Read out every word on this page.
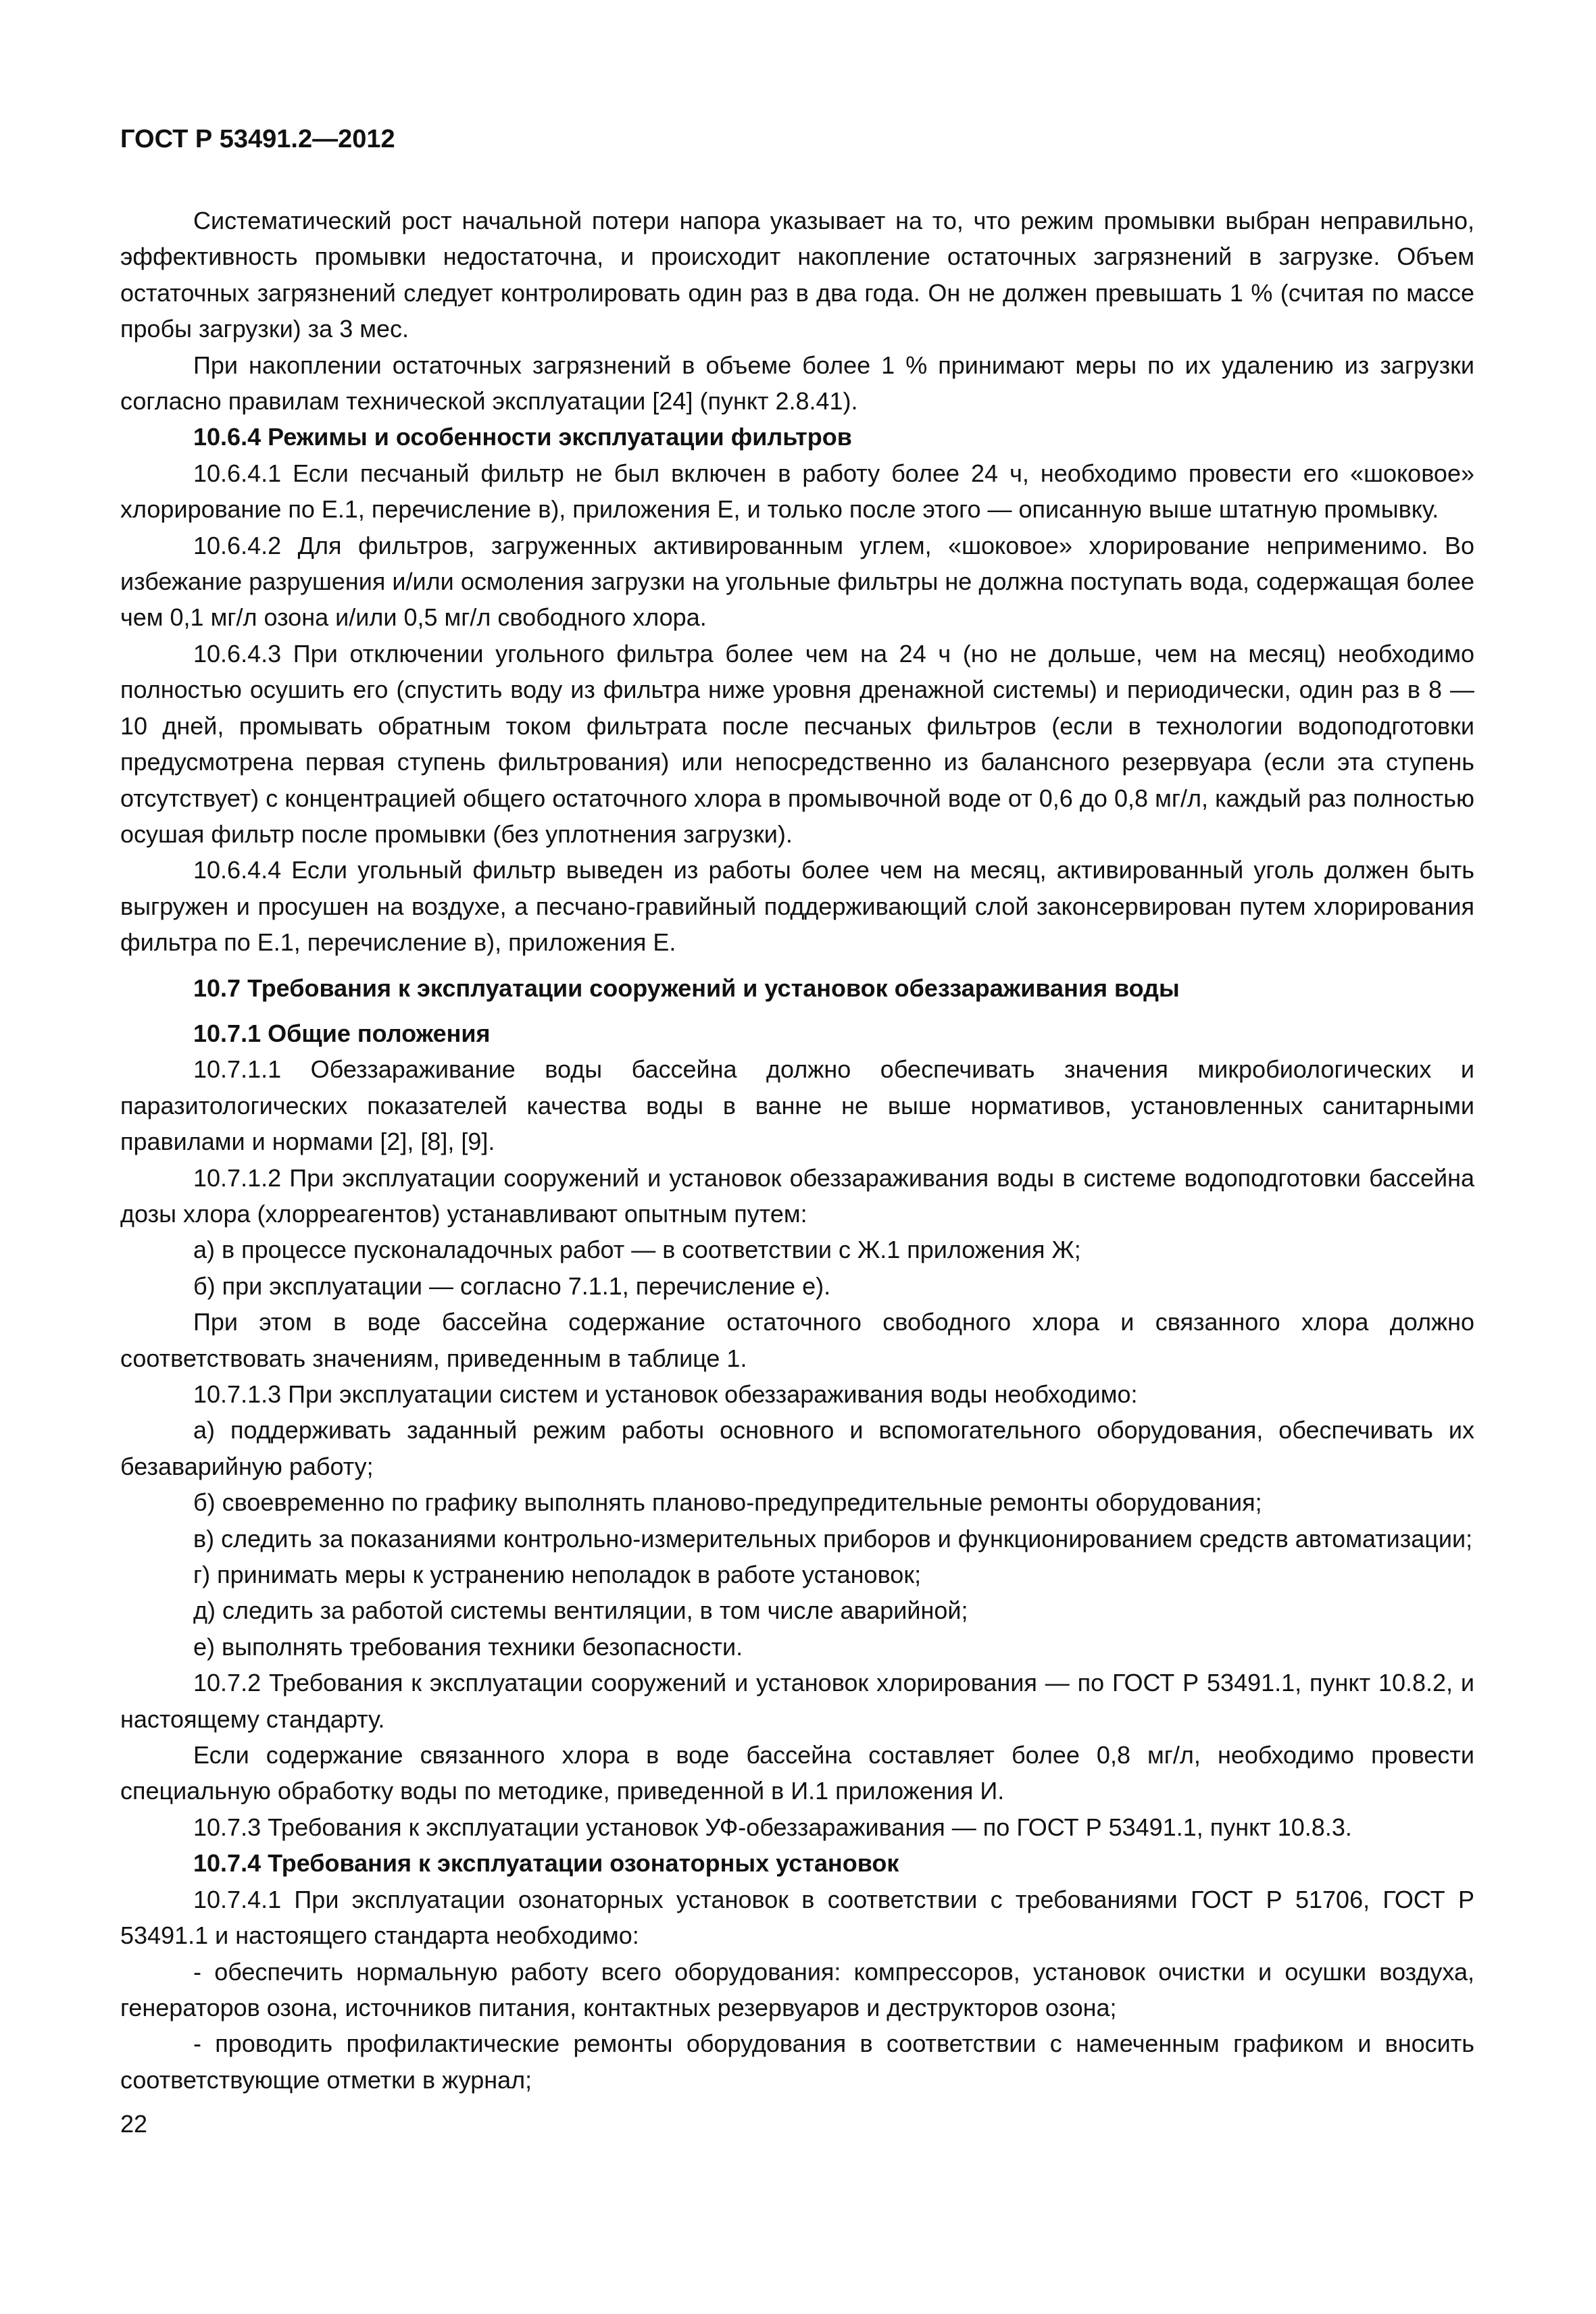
ГОСТ Р 53491.2—2012

Систематический рост начальной потери напора указывает на то, что режим промывки выбран неправильно, эффективность промывки недостаточна, и происходит накопление остаточных загрязнений в загрузке. Объем остаточных загрязнений следует контролировать один раз в два года. Он не должен превышать 1 % (считая по массе пробы загрузки) за 3 мес.

При накоплении остаточных загрязнений в объеме более 1 % принимают меры по их удалению из загрузки согласно правилам технической эксплуатации [24] (пункт 2.8.41).

10.6.4 Режимы и особенности эксплуатации фильтров

10.6.4.1 Если песчаный фильтр не был включен в работу более 24 ч, необходимо провести его «шоковое» хлорирование по Е.1, перечисление в), приложения Е, и только после этого — описанную выше штатную промывку.

10.6.4.2 Для фильтров, загруженных активированным углем, «шоковое» хлорирование неприменимо. Во избежание разрушения и/или осмоления загрузки на угольные фильтры не должна поступать вода, содержащая более чем 0,1 мг/л озона и/или 0,5 мг/л свободного хлора.

10.6.4.3 При отключении угольного фильтра более чем на 24 ч (но не дольше, чем на месяц) необходимо полностью осушить его (спустить воду из фильтра ниже уровня дренажной системы) и периодически, один раз в 8 — 10 дней, промывать обратным током фильтрата после песчаных фильтров (если в технологии водоподготовки предусмотрена первая ступень фильтрования) или непосредственно из балансного резервуара (если эта ступень отсутствует) с концентрацией общего остаточного хлора в промывочной воде от 0,6 до 0,8 мг/л, каждый раз полностью осушая фильтр после промывки (без уплотнения загрузки).

10.6.4.4 Если угольный фильтр выведен из работы более чем на месяц, активированный уголь должен быть выгружен и просушен на воздухе, а песчано-гравийный поддерживающий слой законсервирован путем хлорирования фильтра по Е.1, перечисление в), приложения Е.

10.7 Требования к эксплуатации сооружений и установок обеззараживания воды
10.7.1 Общие положения

10.7.1.1 Обеззараживание воды бассейна должно обеспечивать значения микробиологических и паразитологических показателей качества воды в ванне не выше нормативов, установленных санитарными правилами и нормами [2], [8], [9].

10.7.1.2 При эксплуатации сооружений и установок обеззараживания воды в системе водоподготовки бассейна дозы хлора (хлорреагентов) устанавливают опытным путем:

а) в процессе пусконаладочных работ — в соответствии с Ж.1 приложения Ж;

б) при эксплуатации — согласно 7.1.1, перечисление е).

При этом в воде бассейна содержание остаточного свободного хлора и связанного хлора должно соответствовать значениям, приведенным в таблице 1.

10.7.1.3 При эксплуатации систем и установок обеззараживания воды необходимо:

а) поддерживать заданный режим работы основного и вспомогательного оборудования, обеспечивать их безаварийную работу;

б) своевременно по графику выполнять планово-предупредительные ремонты оборудования;

в) следить за показаниями контрольно-измерительных приборов и функционированием средств автоматизации;

г) принимать меры к устранению неполадок в работе установок;

д) следить за работой системы вентиляции, в том числе аварийной;

е) выполнять требования техники безопасности.

10.7.2 Требования к эксплуатации сооружений и установок хлорирования — по ГОСТ Р 53491.1, пункт 10.8.2, и настоящему стандарту.

Если содержание связанного хлора в воде бассейна составляет более 0,8 мг/л, необходимо провести специальную обработку воды по методике, приведенной в И.1 приложения И.

10.7.3 Требования к эксплуатации установок УФ-обеззараживания — по ГОСТ Р 53491.1, пункт 10.8.3.

10.7.4 Требования к эксплуатации озонаторных установок

10.7.4.1 При эксплуатации озонаторных установок в соответствии с требованиями ГОСТ Р 51706, ГОСТ Р 53491.1 и настоящего стандарта необходимо:

- обеспечить нормальную работу всего оборудования: компрессоров, установок очистки и осушки воздуха, генераторов озона, источников питания, контактных резервуаров и деструкторов озона;

- проводить профилактические ремонты оборудования в соответствии с намеченным графиком и вносить соответствующие отметки в журнал;

22
